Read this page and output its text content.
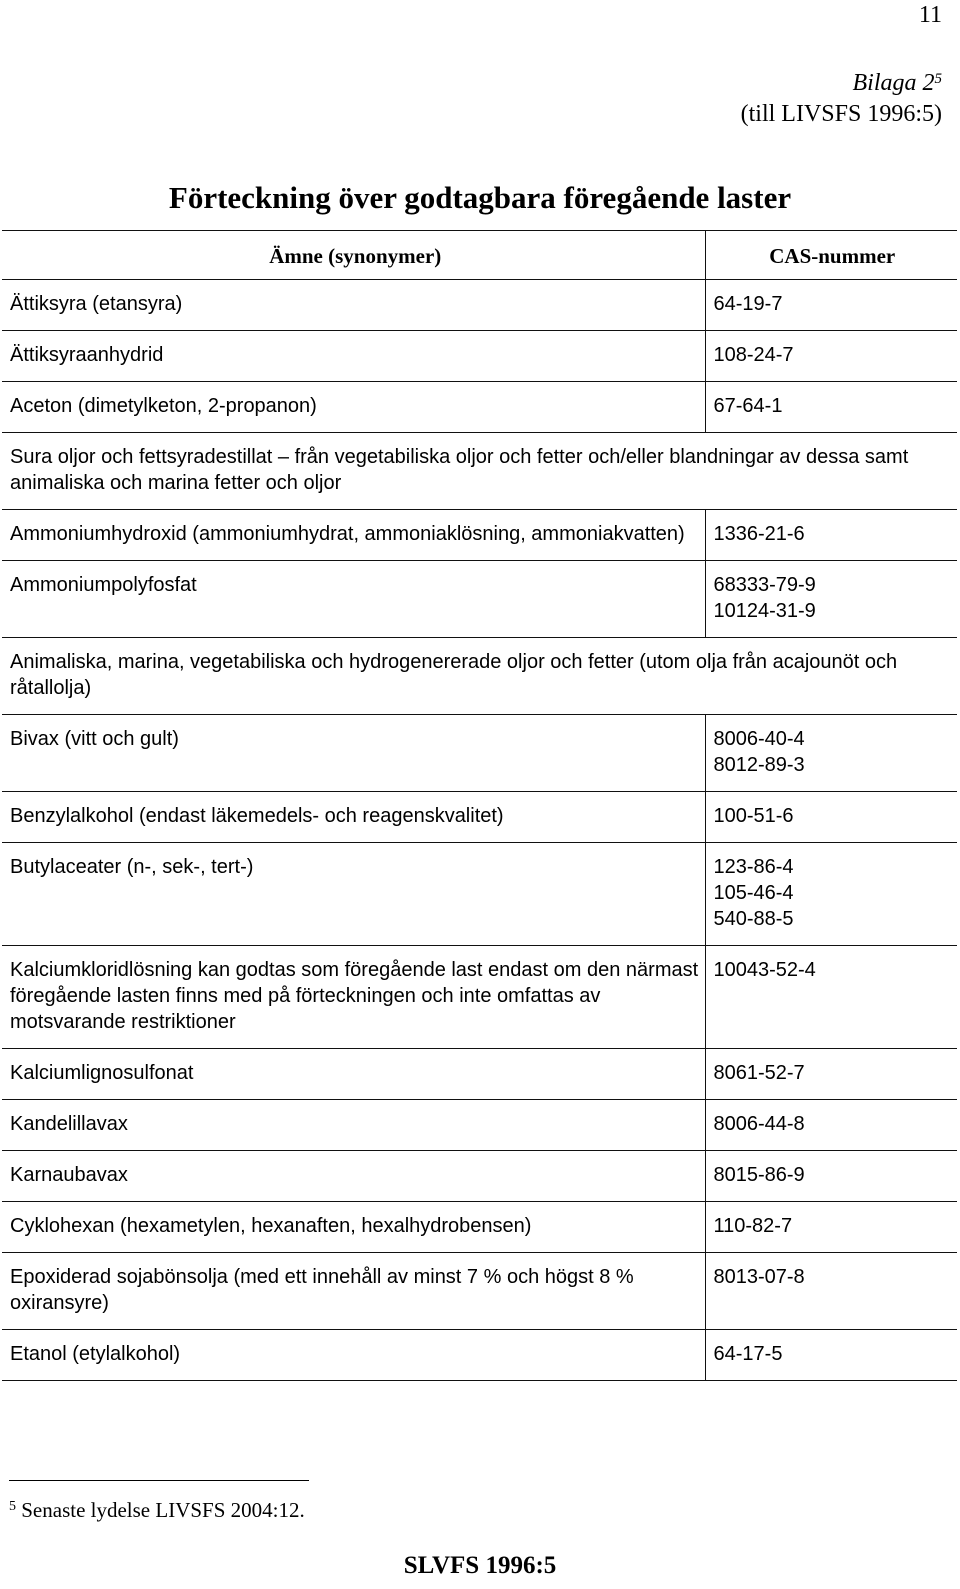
11
Bilaga $2^5$
(till LIVSFS 1996:5)
Förteckning över godtagbara föregående laster
Ämne (synonymer)	CAS-nummer
Ättiksyra (etansyra)	64-19-7

Ättiksyraanhydrid	108-24-7

Aceton (dimetylketon, 2-propanon)	67-64-1

Sura oljor och fettsyradestillat – från vegetabiliska oljor och fetter och/eller blandningar av dessa samt animaliska och marina fetter och oljor	
Ammoniumhydroxid (ammoniumhydrat, ammoniaklösning, ammoniakvatten)	1336-21-6

Ammoniumpolyfosfat	68333-79-9
10124-31-9

Animaliska, marina, vegetabiliska och hydrogenererade oljor och fetter (utom olja från acajounöt och råtallolja)	
Bivax (vitt och gult)	8006-40-4
8012-89-3

Benzylalkohol (endast läkemedels- och reagenskvalitet)	100-51-6

Butylaceater (n-, sek-, tert-)	123-86-4
105-46-4
540-88-5

Kalciumkloridlösning kan godtas som föregående last endast om den närmast föregående lasten finns med på förteckningen och inte omfattas av motsvarande restriktioner	10043-52-4

Kalciumlignosulfonat	8061-52-7

Kandelillavax	8006-44-8

Karnaubavax	8015-86-9

Cyklohexan (hexametylen, hexanaften, hexalhydrobensen)	110-82-7

Epoxiderad sojabönsolja (med ett innehåll av minst 7 % och högst 8 % oxiransyre)	8013-07-8

Etanol (etylalkohol)	64-17-5
$^5$ Senaste lydelse LIVSFS 2004:12.
SLVFS 1996:5
